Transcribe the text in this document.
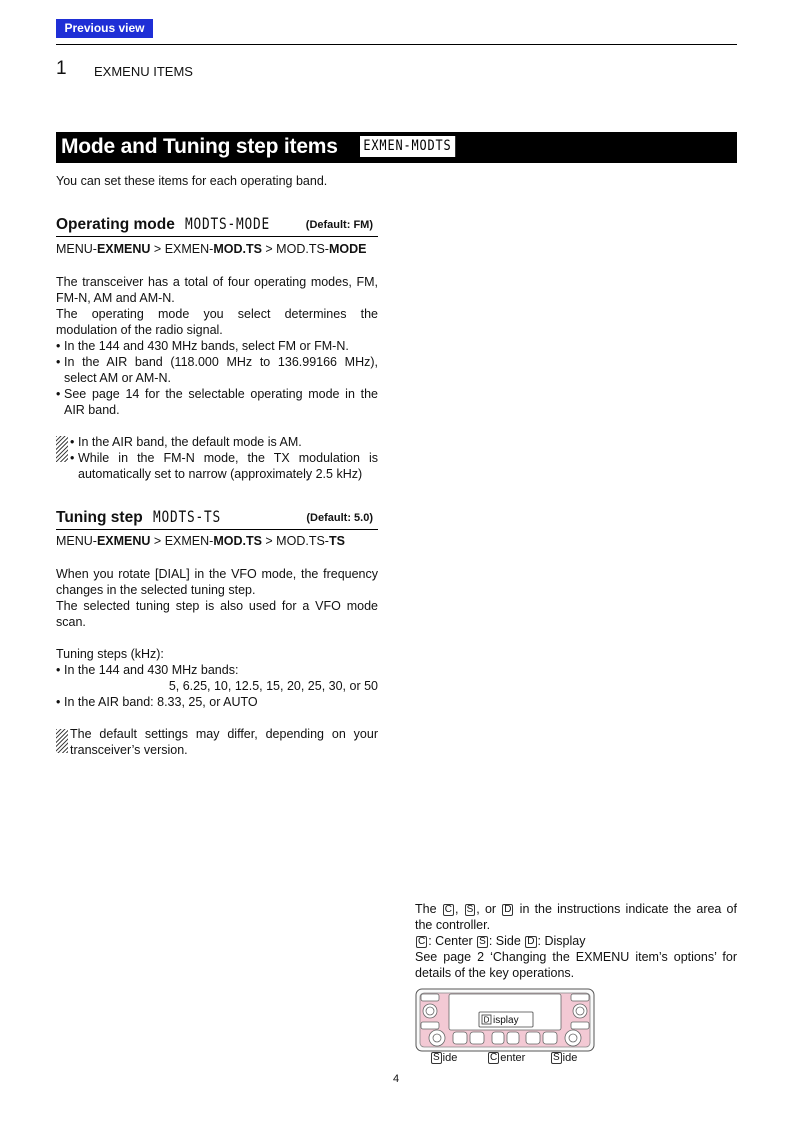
Previous view
1 EXMENU ITEMS
Mode and Tuning step items EXMEN-MODTS
You can set these items for each operating band.
Operating mode MODTS-MODE	(Default: FM)
MENU-EXMENU > EXMEN-MOD.TS > MOD.TS-MODE
The transceiver has a total of four operating modes, FM, FM-N, AM and AM-N.
The operating mode you select determines the modulation of the radio signal.
• In the 144 and 430 MHz bands, select FM or FM-N.
• In the AIR band (118.000 MHz to 136.99166 MHz), select AM or AM-N.
• See page 14 for the selectable operating mode in the AIR band.
• In the AIR band, the default mode is AM.
• While in the FM-N mode, the TX modulation is automatically set to narrow (approximately 2.5 kHz)
Tuning step MODTS-TS	(Default: 5.0)
MENU-EXMENU > EXMEN-MOD.TS > MOD.TS-TS
When you rotate [DIAL] in the VFO mode, the frequency changes in the selected tuning step.
The selected tuning step is also used for a VFO mode scan.
Tuning steps (kHz):
• In the 144 and 430 MHz bands:
5, 6.25, 10, 12.5, 15, 20, 25, 30, or 50
• In the AIR band: 8.33, 25, or AUTO
The default settings may differ, depending on your transceiver’s version.
The C , S , or D in the instructions indicate the area of the controller.
C : Center S : Side D : Display
See page 2 ‘Changing the EXMENU item’s options’ for details of the key operations.
D isplay
S ide	C enter	S ide
4
